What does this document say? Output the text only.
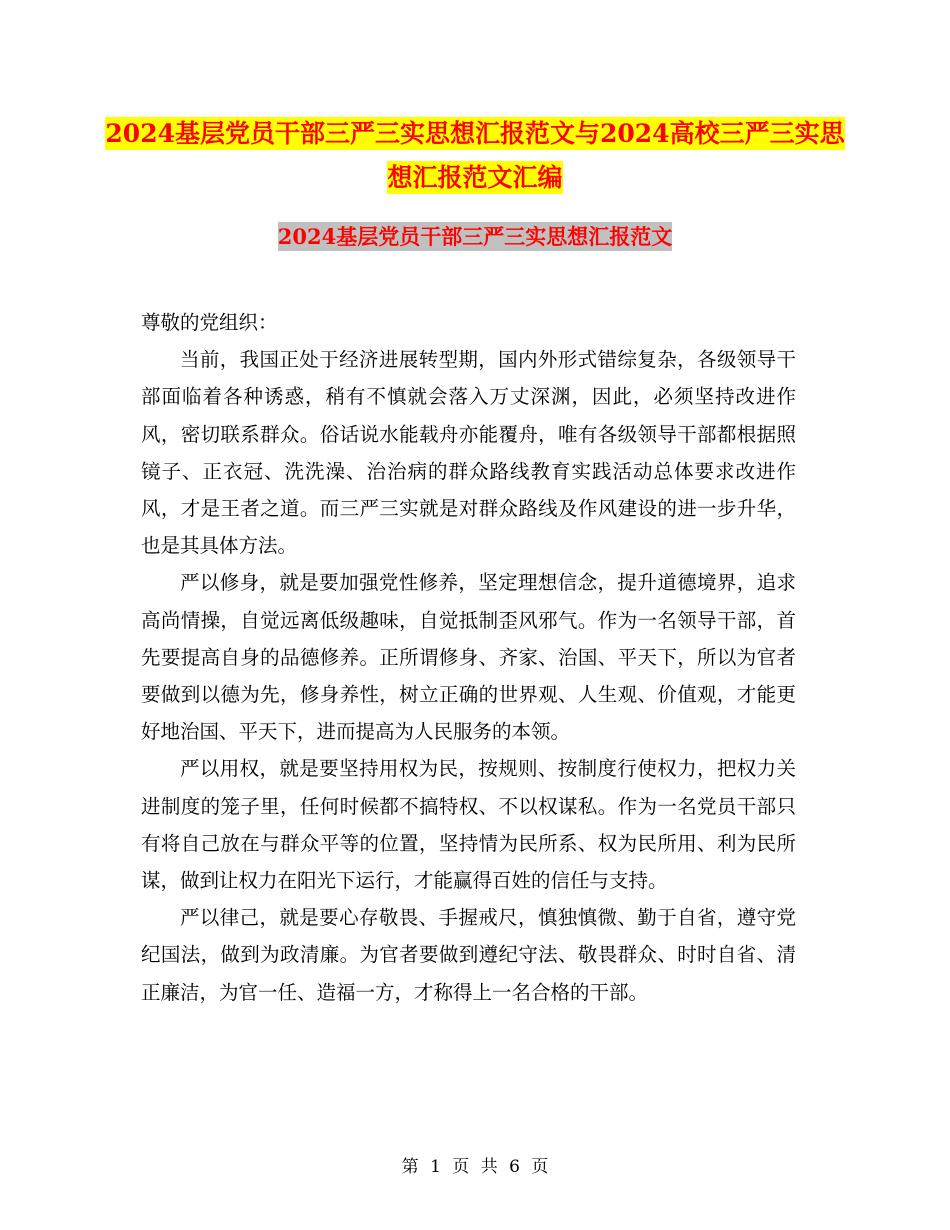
2024基层党员干部三严三实思想汇报范文与2024高校三严三实思想汇报范文汇编
2024基层党员干部三严三实思想汇报范文

尊敬的党组织：

当前，我国正处于经济进展转型期，国内外形式错综复杂，各级领导干部面临着各种诱惑，稍有不慎就会落入万丈深渊，因此，必须坚持改进作风，密切联系群众。俗话说水能载舟亦能覆舟，唯有各级领导干部都根据照镜子、正衣冠、洗洗澡、治治病的群众路线教育实践活动总体要求改进作风，才是王者之道。而三严三实就是对群众路线及作风建设的进一步升华，也是其具体方法。

严以修身，就是要加强党性修养，坚定理想信念，提升道德境界，追求高尚情操，自觉远离低级趣味，自觉抵制歪风邪气。作为一名领导干部，首先要提高自身的品德修养。正所谓修身、齐家、治国、平天下，所以为官者要做到以德为先，修身养性，树立正确的世界观、人生观、价值观，才能更好地治国、平天下，进而提高为人民服务的本领。

严以用权，就是要坚持用权为民，按规则、按制度行使权力，把权力关进制度的笼子里，任何时候都不搞特权、不以权谋私。作为一名党员干部只有将自己放在与群众平等的位置，坚持情为民所系、权为民所用、利为民所谋，做到让权力在阳光下运行，才能赢得百姓的信任与支持。

严以律己，就是要心存敬畏、手握戒尺，慎独慎微、勤于自省，遵守党纪国法，做到为政清廉。为官者要做到遵纪守法、敬畏群众、时时自省、清正廉洁，为官一任、造福一方，才称得上一名合格的干部。

第 1 页 共 6 页
